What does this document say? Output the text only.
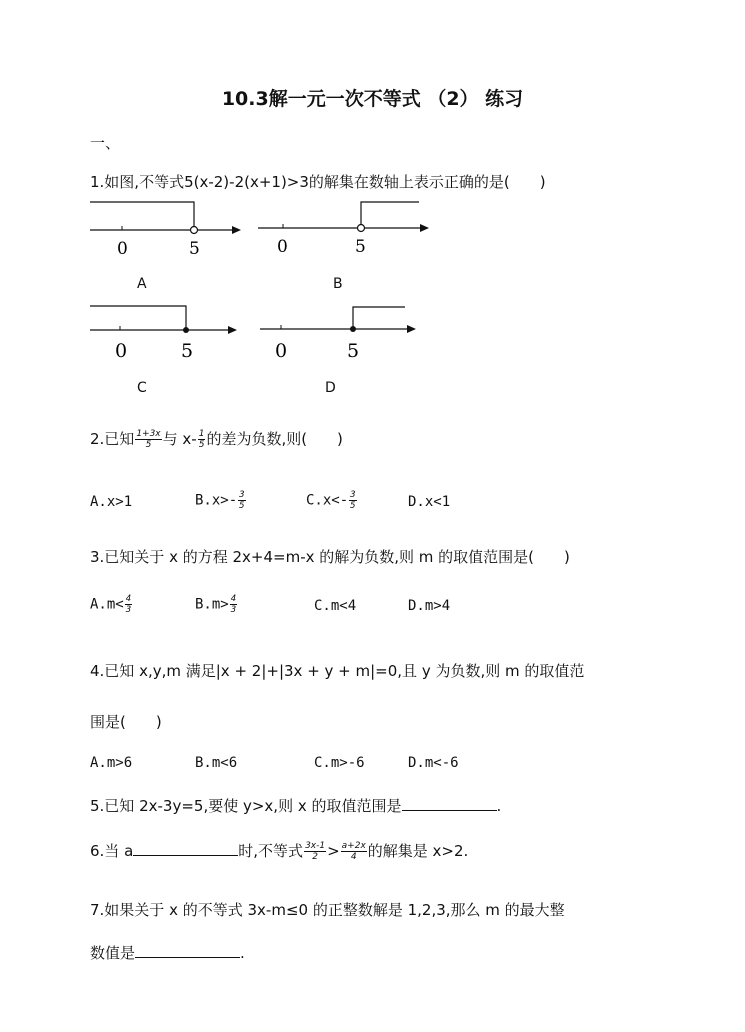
10.3解一元一次不等式 （2） 练习
一、
1.如图,不等式5(x-2)-2(x+1)>3的解集在数轴上表示正确的是(　　)
0	5	0	5
0	5	0	5
A	B
C	D
2.已知 $\frac{1+3x}{5}$ 与 $x- \frac{1}{5}$ 的差为负数,则(　　)
A.x>1	$B.x>- \frac{3}{5}$	$C.x<- \frac{3}{5}$	D.x<1
3.已知关于 x 的方程 2x+4=m-x 的解为负数,则 m 的取值范围是(　　)
$A.m< \frac{4}{3}$	$B.m> \frac{4}{3}$	C.m<4	D.m>4
4.已知 x,y,m 满足|x + 2|+|3x + y + m|=0,且 y 为负数,则 m 的取值范
围是(　　)
A.m>6	B.m<6	C.m>-6	D.m<-6
5.已知 2x-3y=5,要使 y>x,则 x 的取值范围是	.
6.当 a	时,不等式 $\frac{3x-1}{2} > \frac{a+2x}{4}$ 的解集是 x>2.
7.如果关于 x 的不等式 3x-m≤0 的正整数解是 1,2,3,那么 m 的最大整
数值是	.
